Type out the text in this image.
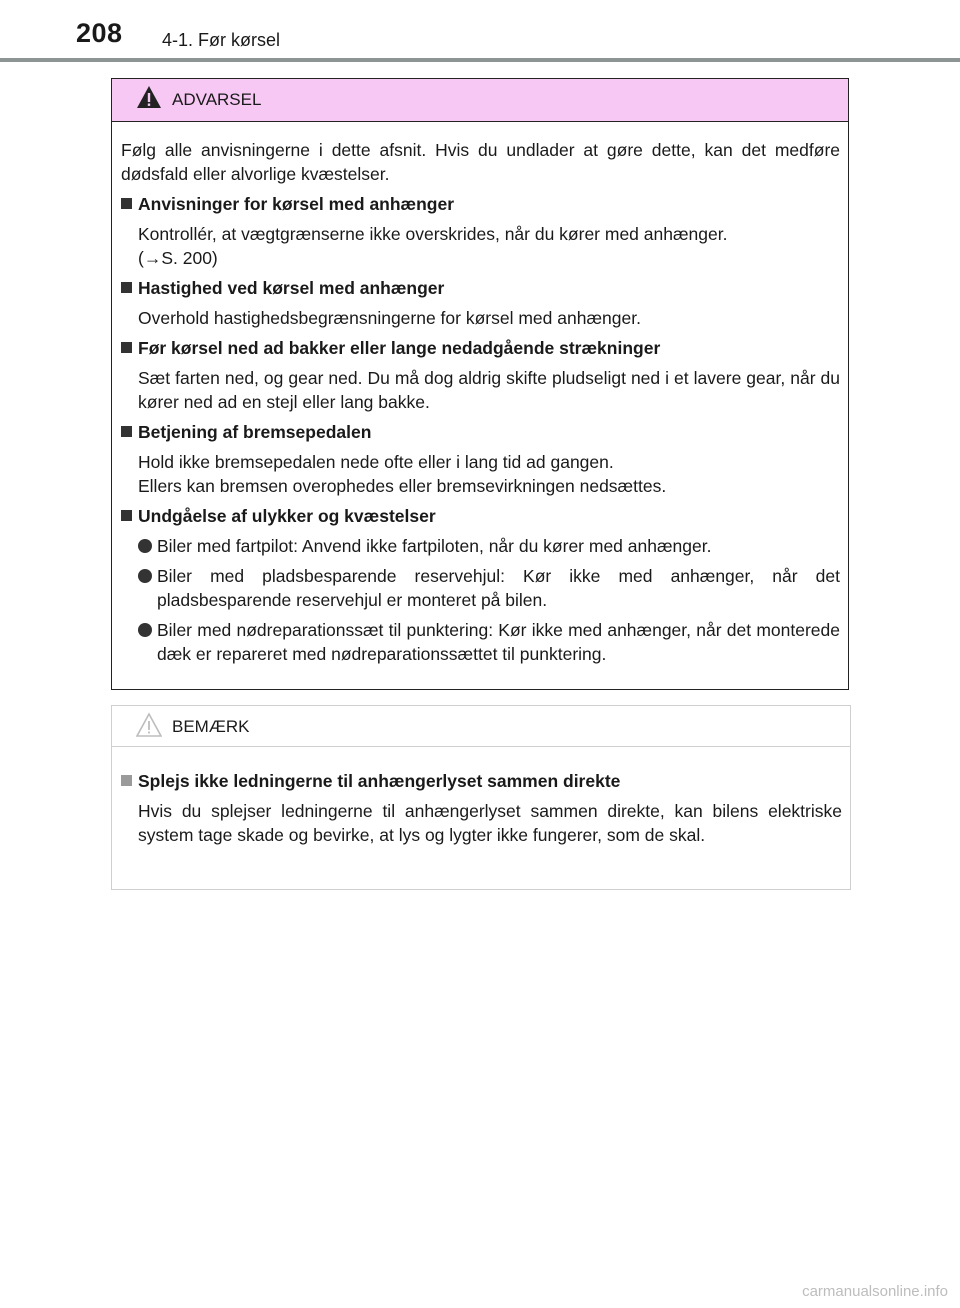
208 4-1. Før kørsel
ADVARSEL
Følg alle anvisningerne i dette afsnit. Hvis du undlader at gøre dette, kan det medføre dødsfald eller alvorlige kvæstelser.
Anvisninger for kørsel med anhænger
Kontrollér, at vægtgrænserne ikke overskrides, når du kører med anhænger.
(→S. 200)
Hastighed ved kørsel med anhænger
Overhold hastighedsbegrænsningerne for kørsel med anhænger.
Før kørsel ned ad bakker eller lange nedadgående strækninger
Sæt farten ned, og gear ned. Du må dog aldrig skifte pludseligt ned i et lavere gear, når du kører ned ad en stejl eller lang bakke.
Betjening af bremsepedalen
Hold ikke bremsepedalen nede ofte eller i lang tid ad gangen.
Ellers kan bremsen overophedes eller bremsevirkningen nedsættes.
Undgåelse af ulykker og kvæstelser
Biler med fartpilot: Anvend ikke fartpiloten, når du kører med anhænger.
Biler med pladsbesparende reservehjul: Kør ikke med anhænger, når det pladsbesparende reservehjul er monteret på bilen.
Biler med nødreparationssæt til punktering: Kør ikke med anhænger, når det monterede dæk er repareret med nødreparationssættet til punktering.
BEMÆRK
Splejs ikke ledningerne til anhængerlyset sammen direkte
Hvis du splejser ledningerne til anhængerlyset sammen direkte, kan bilens elektriske system tage skade og bevirke, at lys og lygter ikke fungerer, som de skal.
carmanualsonline.info
